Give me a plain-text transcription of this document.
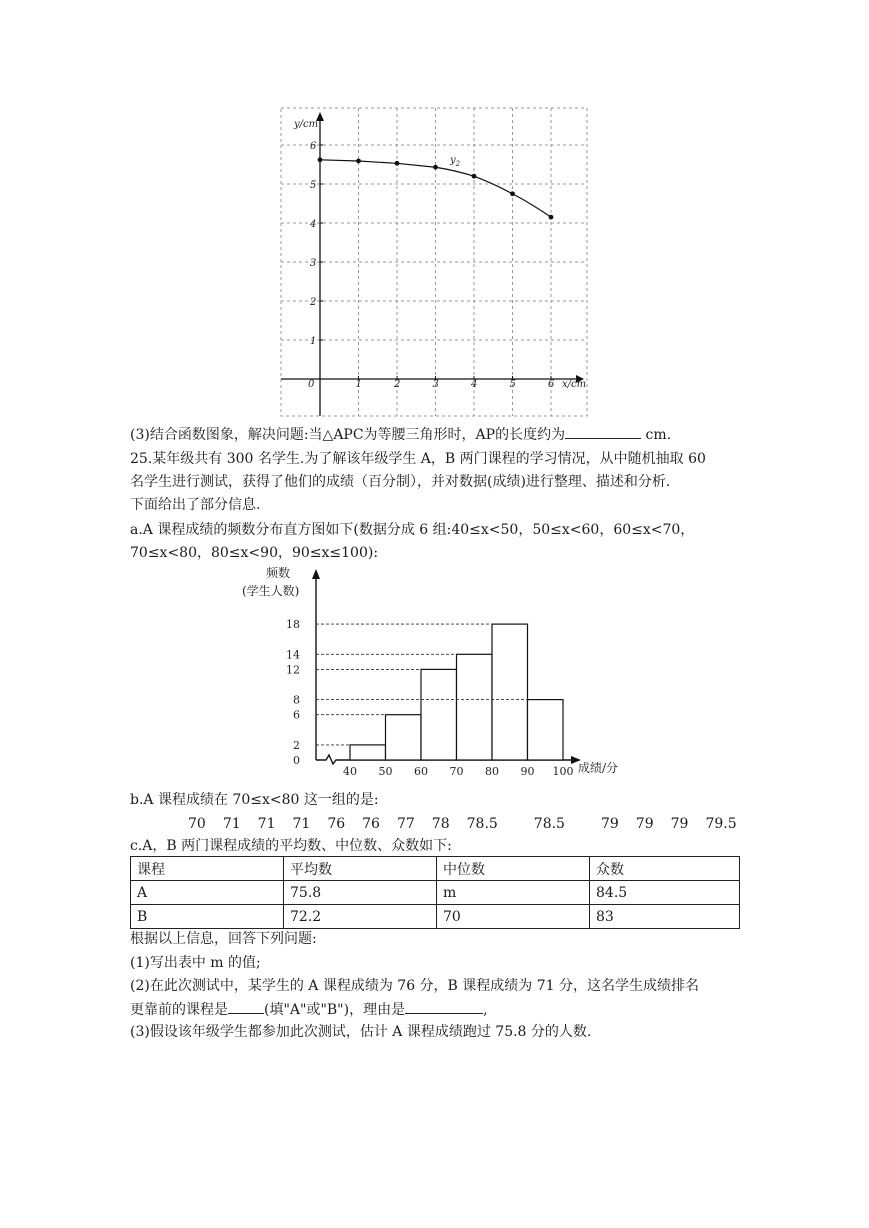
y/cm
x/cm
0	1	2	3	4	5	6
1
2
3
4
5
6
$y_2$
(3)结合函数图象，解决问题:当△APC为等腰三角形时，AP的长度约为	cm.
25.某年级共有 300 名学生.为了解该年级学生 A，B 两门课程的学习情况，从中随机抽取 60
名学生进行测试，获得了他们的成绩（百分制），并对数据(成绩)进行整理、描述和分析.
下面给出了部分信息.
a.A 课程成绩的频数分布直方图如下(数据分成 6 组:40≤x<50，50≤x<60，60≤x<70，
70≤x<80，80≤x<90，90≤x≤100):
频数
(学生人数)
成绩/分
0
2
6
8
12
14
18
40 50 60 70 80 90 100
b.A 课程成绩在 70≤x<80 这一组的是:
70 71 71 71 76 76 77 78 78.5	78.5	79 79 79 79.5
c.A，B 两门课程成绩的平均数、中位数、众数如下:
课程	平均数	中位数	众数
A	75.8	m	84.5
B	72.2	70	83
根据以上信息，回答下列问题:
(1)写出表中 m 的值;
(2)在此次测试中，某学生的 A 课程成绩为 76 分，B 课程成绩为 71 分，这名学生成绩排名
更靠前的课程是	(填"A"或"B")，理由是	,
(3)假设该年级学生都参加此次测试，估计 A 课程成绩跑过 75.8 分的人数.
